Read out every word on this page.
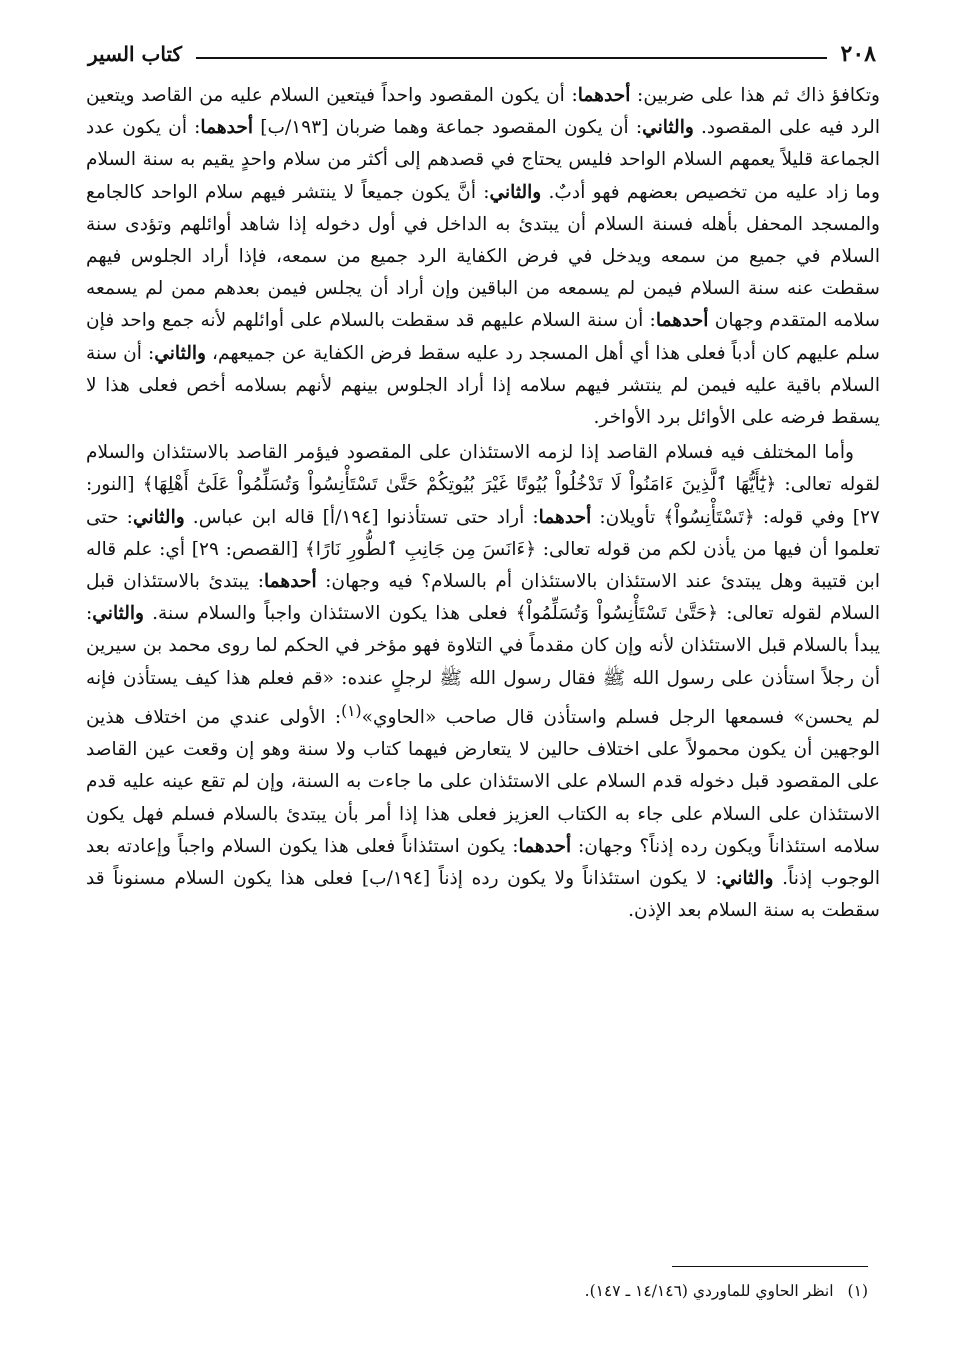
٢٠٨
كتاب السير

وتكافؤ ذاك ثم هذا على ضربين: أحدهما: أن يكون المقصود واحداً فيتعين السلام عليه من القاصد ويتعين الرد فيه على المقصود. والثاني: أن يكون المقصود جماعة وهما ضربان [١٩٣/ب] أحدهما: أن يكون عدد الجماعة قليلاً يعمهم السلام الواحد فليس يحتاج في قصدهم إلى أكثر من سلام واحدٍ يقيم به سنة السلام وما زاد عليه من تخصيص بعضهم فهو أدبٌ. والثاني: أنَّ يكون جميعاً لا ينتشر فيهم سلام الواحد كالجامع والمسجد المحفل بأهله فسنة السلام أن يبتدئ به الداخل في أول دخوله إذا شاهد أوائلهم وتؤدى سنة السلام في جميع من سمعه ويدخل في فرض الكفاية الرد جميع من سمعه، فإذا أراد الجلوس فيهم سقطت عنه سنة السلام فيمن لم يسمعه من الباقين وإن أراد أن يجلس فيمن بعدهم ممن لم يسمعه سلامه المتقدم وجهان أحدهما: أن سنة السلام عليهم قد سقطت بالسلام على أوائلهم لأنه جمع واحد فإن سلم عليهم كان أدباً فعلى هذا أي أهل المسجد رد عليه سقط فرض الكفاية عن جميعهم، والثاني: أن سنة السلام باقية عليه فيمن لم ينتشر فيهم سلامه إذا أراد الجلوس بينهم لأنهم بسلامه أخص فعلى هذا لا يسقط فرضه على الأوائل برد الأواخر.

وأما المختلف فيه فسلام القاصد إذا لزمه الاستئذان على المقصود فيؤمر القاصد بالاستئذان والسلام لقوله تعالى: ﴿يَٰٓأَيُّهَا ٱلَّذِينَ ءَامَنُواْ لَا تَدْخُلُواْ بُيُوتًا غَيْرَ بُيُوتِكُمْ حَتَّىٰ تَسْتَأْنِسُواْ وَتُسَلِّمُواْ عَلَىٰٓ أَهْلِهَا﴾ [النور: ٢٧] وفي قوله: ﴿تَسْتَأْنِسُواْ﴾ تأويلان: أحدهما: أراد حتى تستأذنوا [١٩٤/أ] قاله ابن عباس. والثاني: حتى تعلموا أن فيها من يأذن لكم من قوله تعالى: ﴿ءَانَسَ مِن جَانِبِ ٱلطُّورِ نَارًا﴾ [القصص: ٢٩] أي: علم قاله ابن قتيبة وهل يبتدئ عند الاستئذان بالاستئذان أم بالسلام؟ فيه وجهان: أحدهما: يبتدئ بالاستئذان قبل السلام لقوله تعالى: ﴿حَتَّىٰ تَسْتَأْنِسُواْ وَتُسَلِّمُواْ﴾ فعلى هذا يكون الاستئذان واجباً والسلام سنة. والثاني: يبدأ بالسلام قبل الاستئذان لأنه وإن كان مقدماً في التلاوة فهو مؤخر في الحكم لما روى محمد بن سيرين أن رجلاً استأذن على رسول الله ﷺ فقال رسول الله ﷺ لرجلٍ عنده: «قم فعلم هذا كيف يستأذن فإنه لم يحسن» فسمعها الرجل فسلم واستأذن قال صاحب «الحاوي»$^{(١)}$: الأولى عندي من اختلاف هذين الوجهين أن يكون محمولاً على اختلاف حالين لا يتعارض فيهما كتاب ولا سنة وهو إن وقعت عين القاصد على المقصود قبل دخوله قدم السلام على الاستئذان على ما جاءت به السنة، وإن لم تقع عينه عليه قدم الاستئذان على السلام على جاء به الكتاب العزيز فعلى هذا إذا أمر بأن يبتدئ بالسلام فسلم فهل يكون سلامه استئذاناً ويكون رده إذناً؟ وجهان: أحدهما: يكون استئذاناً فعلى هذا يكون السلام واجباً وإعادته بعد الوجوب إذناً. والثاني: لا يكون استئذاناً ولا يكون رده إذناً [١٩٤/ب] فعلى هذا يكون السلام مسنوناً قد سقطت به سنة السلام بعد الإذن.

(١)انظر الحاوي للماوردي (١٤/١٤٦ ـ ١٤٧).
